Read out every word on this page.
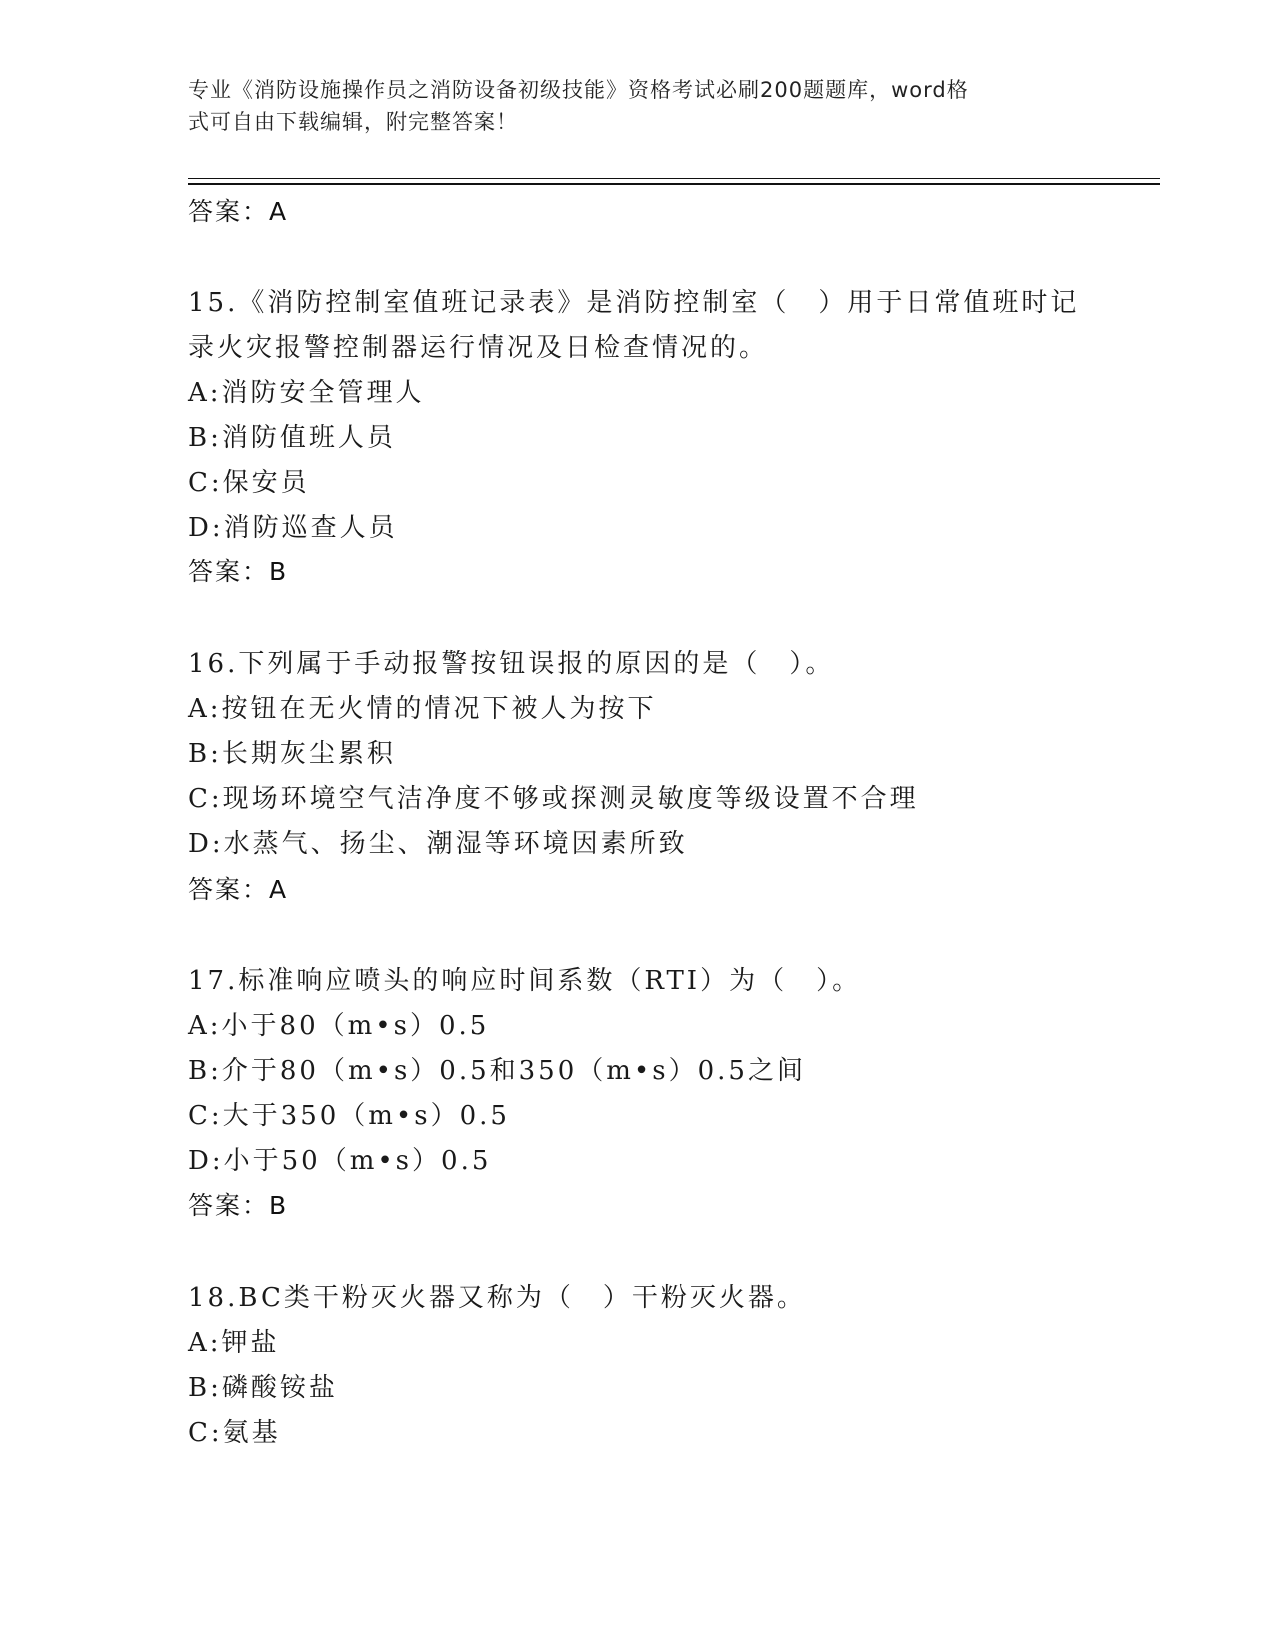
专业《消防设施操作员之消防设备初级技能》资格考试必刷200题题库，word格
式可自由下载编辑，附完整答案！
答案：A
15.《消防控制室值班记录表》是消防控制室（　）用于日常值班时记
录火灾报警控制器运行情况及日检查情况的。
A:消防安全管理人
B:消防值班人员
C:保安员
D:消防巡查人员
答案：B
16.下列属于手动报警按钮误报的原因的是（　）。
A:按钮在无火情的情况下被人为按下
B:长期灰尘累积
C:现场环境空气洁净度不够或探测灵敏度等级设置不合理
D:水蒸气、扬尘、潮湿等环境因素所致
答案：A
17.标准响应喷头的响应时间系数（RTI）为（　）。
A:小于80（m•s）0.5
B:介于80（m•s）0.5和350（m•s）0.5之间
C:大于350（m•s）0.5
D:小于50（m•s）0.5
答案：B
18.BC类干粉灭火器又称为（　）干粉灭火器。
A:钾盐
B:磷酸铵盐
C:氨基
